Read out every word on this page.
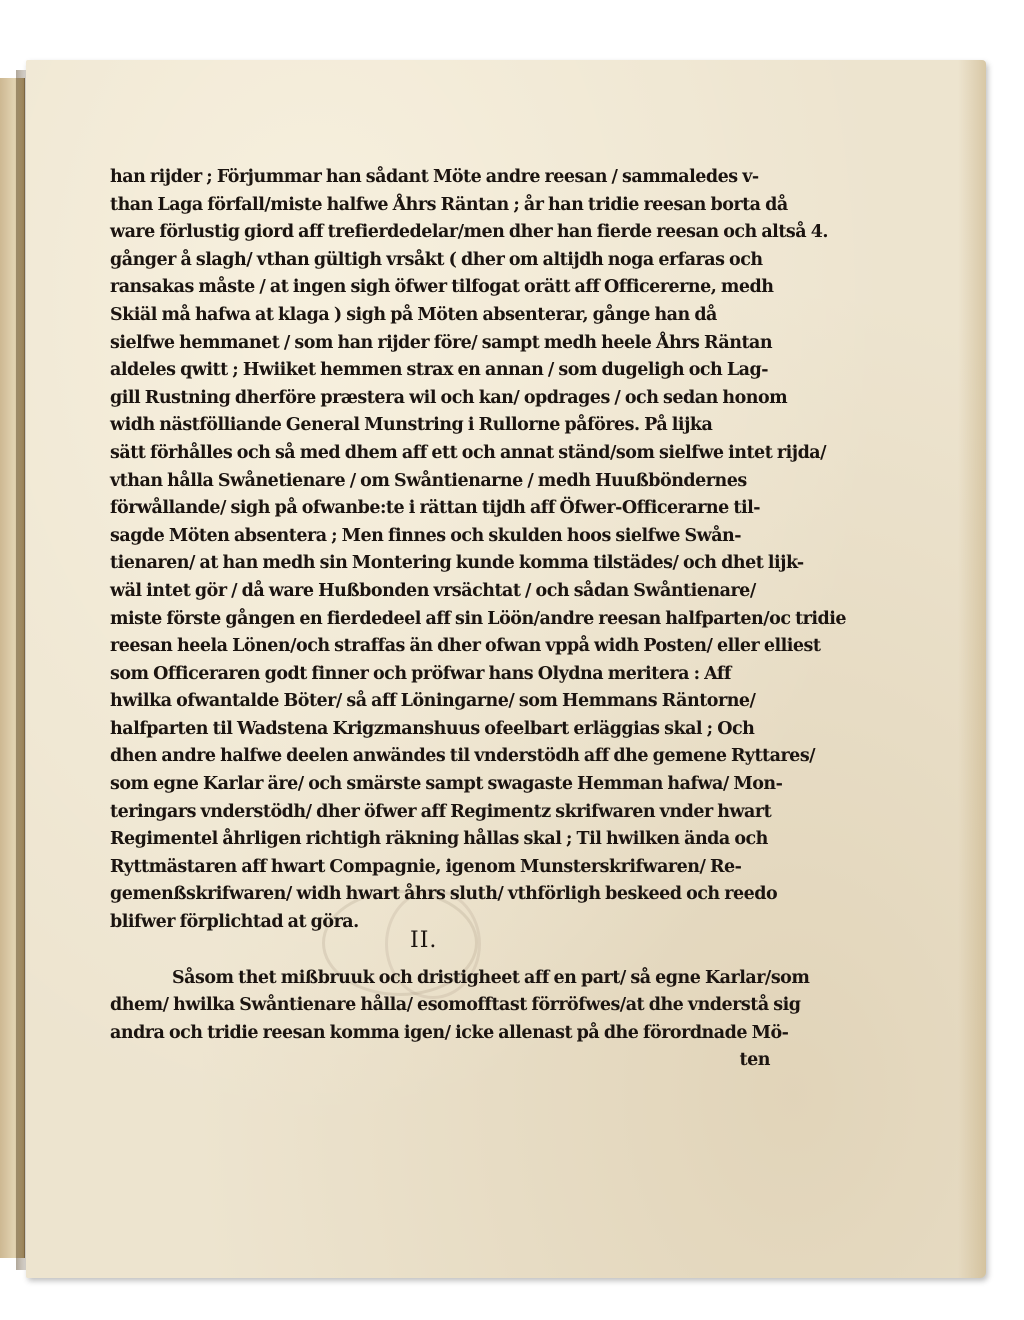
han rijder ; Förjummar han sådant Möte andre reesan / sammaledes v-
than Laga förfall/miste halfwe Åhrs Räntan ; år han tridie reesan borta då
ware förlustig giord aff trefierdedelar/men dher han fierde reesan och altså 4.
gånger å slagh/ vthan gültigh vrsåkt ( dher om altijdh noga erfaras och
ransakas måste / at ingen sigh öfwer tilfogat orätt aff Officererne, medh
Skiäl må hafwa at klaga ) sigh på Möten absenterar, gånge han då
sielfwe hemmanet / som han rijder före/ sampt medh heele Åhrs Räntan
aldeles qwitt ; Hwiiket hemmen strax en annan / som dugeligh och Lag-
gill Rustning dherföre præstera wil och kan/ opdrages / och sedan honom
widh nästfölliande General Munstring i Rullorne påföres. På lijka
sätt förhålles och så med dhem aff ett och annat ständ/som sielfwe intet rijda/
vthan hålla Swånetienare / om Swåntienarne / medh Huußböndernes
förwållande/ sigh på ofwanbe:te i rättan tijdh aff Öfwer-Officerarne til-
sagde Möten absentera ; Men finnes och skulden hoos sielfwe Swån-
tienaren/ at han medh sin Montering kunde komma tilstädes/ och dhet lijk-
wäl intet gör / då ware Hußbonden vrsächtat / och sådan Swåntienare/
miste förste gången en fierdedeel aff sin Löön/andre reesan halfparten/oc tridie
reesan heela Lönen/och straffas än dher ofwan vppå widh Posten/ eller elliest
som Officeraren godt finner och pröfwar hans Olydna meritera : Aff
hwilka ofwantalde Böter/ så aff Löningarne/ som Hemmans Räntorne/
halfparten til Wadstena Krigzmanshuus ofeelbart erläggias skal ; Och
dhen andre halfwe deelen anwändes til vnderstödh aff dhe gemene Ryttares/
som egne Karlar äre/ och smärste sampt swagaste Hemman hafwa/ Mon-
teringars vnderstödh/ dher öfwer aff Regimentz skrifwaren vnder hwart
Regimentel åhrligen richtigh räkning hållas skal ; Til hwilken ända och
Ryttmästaren aff hwart Compagnie, igenom Munsterskrifwaren/ Re-
gemenßskrifwaren/ widh hwart åhrs sluth/ vthförligh beskeed och reedo
blifwer förplichtad at göra.
Såsom thet mißbruuk och dristigheet aff en part/ så egne Karlar/som
dhem/ hwilka Swåntienare hålla/ esomofftast förröfwes/at dhe vnderstå sig
andra och tridie reesan komma igen/ icke allenast på dhe förordnade Mö-
ten
II.
